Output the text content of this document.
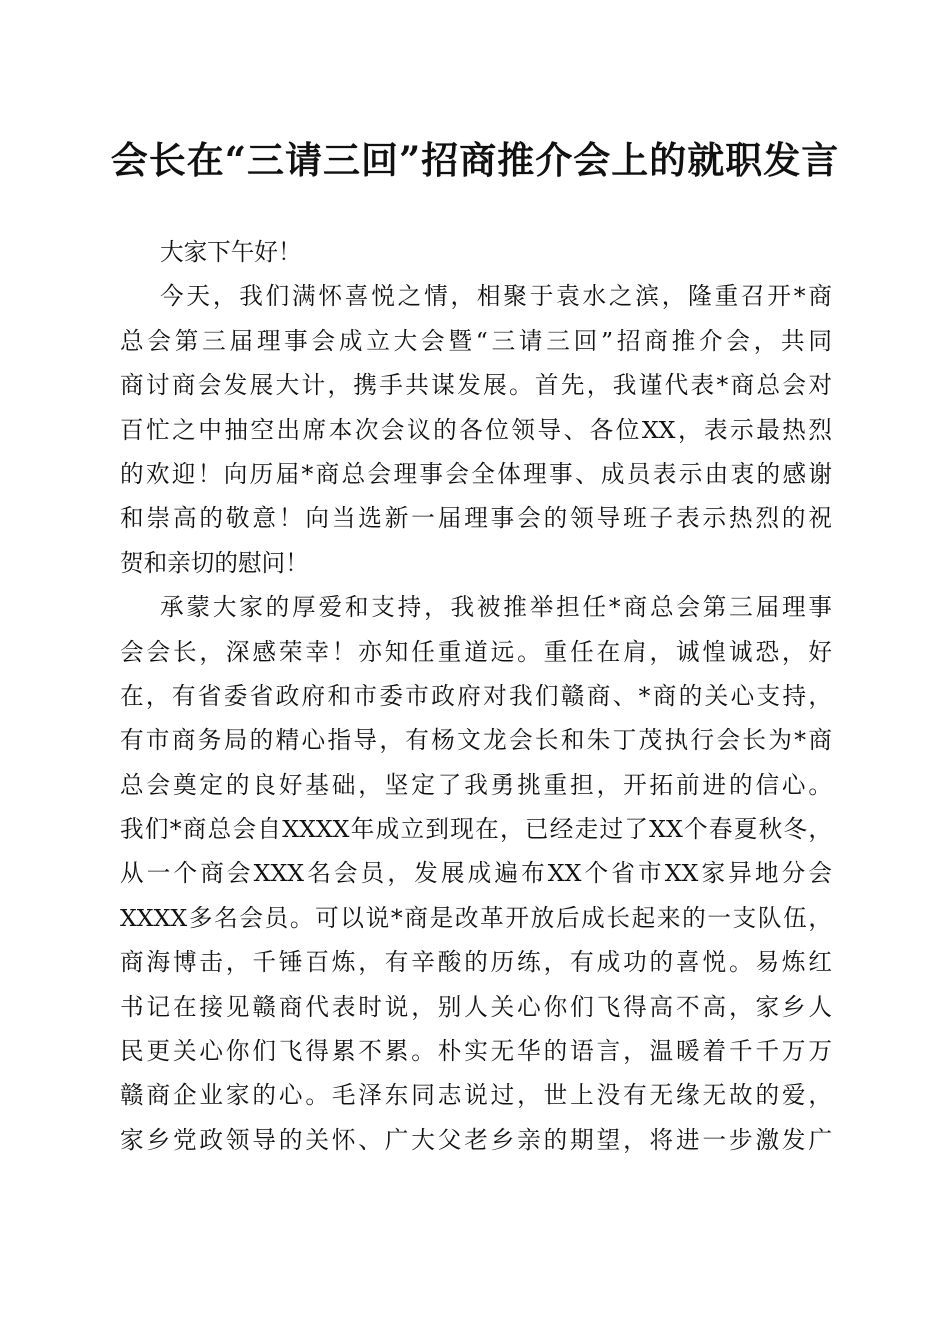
会长在“三请三回”招商推介会上的就职发言

大家下午好！

今天，我们满怀喜悦之情，相聚于袁水之滨，隆重召开*商
总会第三届理事会成立大会暨“三请三回”招商推介会，共同
商讨商会发展大计，携手共谋发展。首先，我谨代表*商总会对
百忙之中抽空出席本次会议的各位领导、各位XX，表示最热烈
的欢迎！向历届*商总会理事会全体理事、成员表示由衷的感谢
和崇高的敬意！向当选新一届理事会的领导班子表示热烈的祝
贺和亲切的慰问！

承蒙大家的厚爱和支持，我被推举担任*商总会第三届理事
会会长，深感荣幸！亦知任重道远。重任在肩，诚惶诚恐，好
在，有省委省政府和市委市政府对我们赣商、*商的关心支持，
有市商务局的精心指导，有杨文龙会长和朱丁茂执行会长为*商
总会奠定的良好基础，坚定了我勇挑重担，开拓前进的信心。
我们*商总会自XXXX年成立到现在，已经走过了XX个春夏秋冬，
从一个商会XXX名会员，发展成遍布XX个省市XX家异地分会
XXXX多名会员。可以说*商是改革开放后成长起来的一支队伍，
商海博击，千锤百炼，有辛酸的历练，有成功的喜悦。易炼红
书记在接见赣商代表时说，别人关心你们飞得高不高，家乡人
民更关心你们飞得累不累。朴实无华的语言，温暖着千千万万
赣商企业家的心。毛泽东同志说过，世上没有无缘无故的爱，
家乡党政领导的关怀、广大父老乡亲的期望，将进一步激发广
